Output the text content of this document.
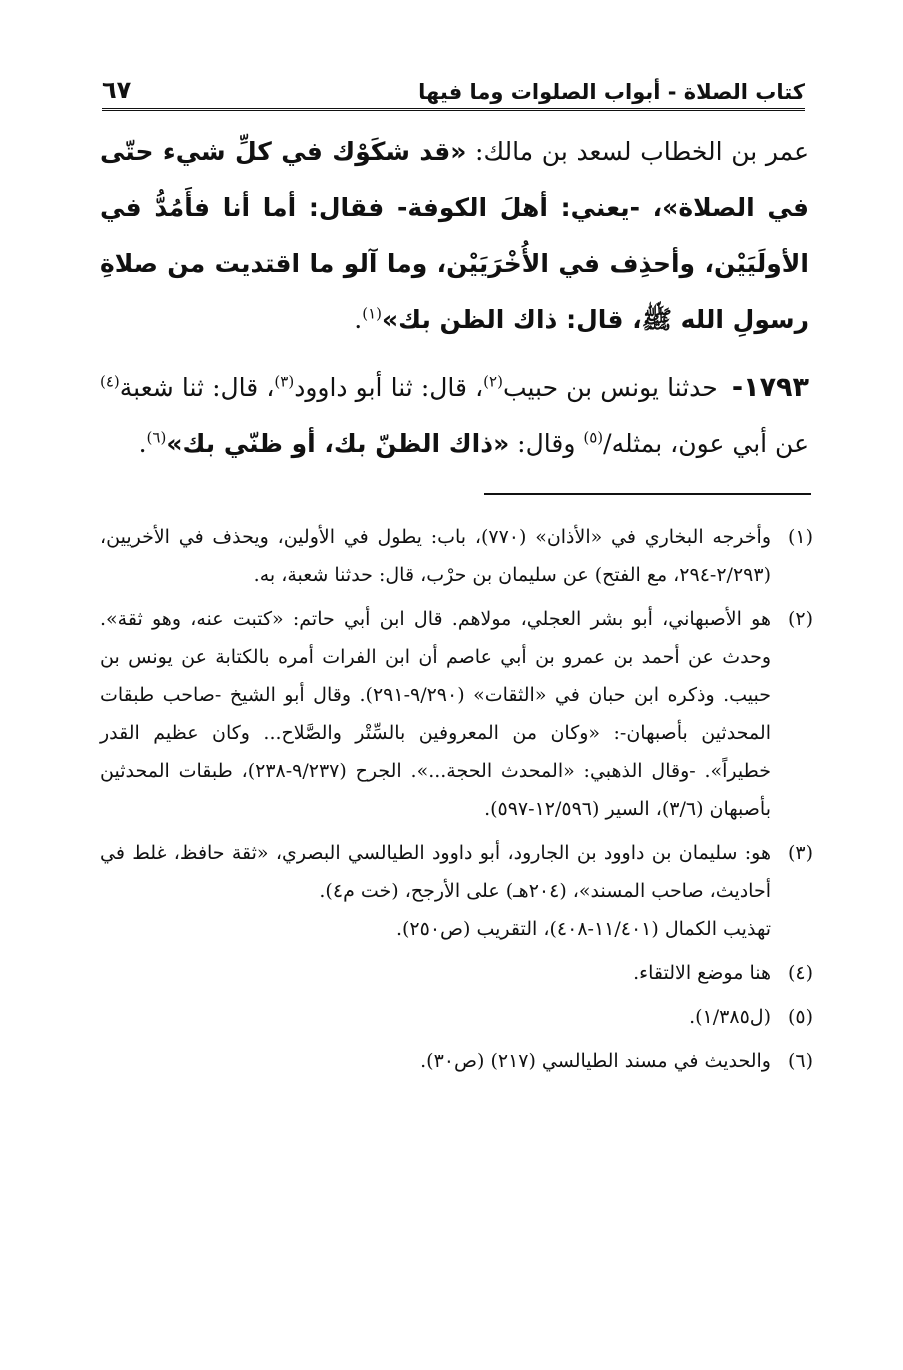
كتاب الصلاة - أبواب الصلوات وما فيها
٦٧

عمر بن الخطاب لسعد بن مالك: «قد شكَوْك في كلِّ شيء حتّى في الصلاة»، -يعني: أهلَ الكوفة- فقال: أما أنا فأَمُدُّ في الأولَيَيْن، وأحذِف في الأُخْرَيَيْن، وما آلو ما اقتديت من صلاةِ رسولِ الله ﷺ، قال: ذاك الظن بك»$^{(١)}$.

١٧٩٣- حدثنا يونس بن حبيب$^{(٢)}$، قال: ثنا أبو داوود$^{(٣)}$، قال: ثنا شعبة$^{(٤)}$ عن أبي عون، بمثله/$^{(٥)}$ وقال: «ذاك الظنّ بك، أو ظنّي بك»$^{(٦)}$.

(١)وأخرجه البخاري في «الأذان» (٧٧٠)، باب: يطول في الأولين، ويحذف في الأخريين، (٢/٢٩٣-٢٩٤، مع الفتح) عن سليمان بن حرْب، قال: حدثنا شعبة، به.

(٢)هو الأصبهاني، أبو بشر العجلي، مولاهم. قال ابن أبي حاتم: «كتبت عنه، وهو ثقة». وحدث عن أحمد بن عمرو بن أبي عاصم أن ابن الفرات أمره بالكتابة عن يونس بن حبيب. وذكره ابن حبان في «الثقات» (٩/٢٩٠-٢٩١). وقال أبو الشيخ -صاحب طبقات المحدثين بأصبهان-: «وكان من المعروفين بالسِّتْر والصَّلاح... وكان عظيم القدر خطيراً». -وقال الذهبي: «المحدث الحجة...». الجرح (٩/٢٣٧-٢٣٨)، طبقات المحدثين بأصبهان (٣/٦)، السير (١٢/٥٩٦-٥٩٧).

(٣)هو: سليمان بن داوود بن الجارود، أبو داوود الطيالسي البصري، «ثقة حافظ، غلط في أحاديث، صاحب المسند»، (٢٠٤هـ) على الأرجح، (خت م٤).
تهذيب الكمال (١١/٤٠١-٤٠٨)، التقريب (ص٢٥٠).

(٤)هنا موضع الالتقاء.

(٥)(ل١/٣٨٥).

(٦)والحديث في مسند الطيالسي (٢١٧) (ص٣٠).
